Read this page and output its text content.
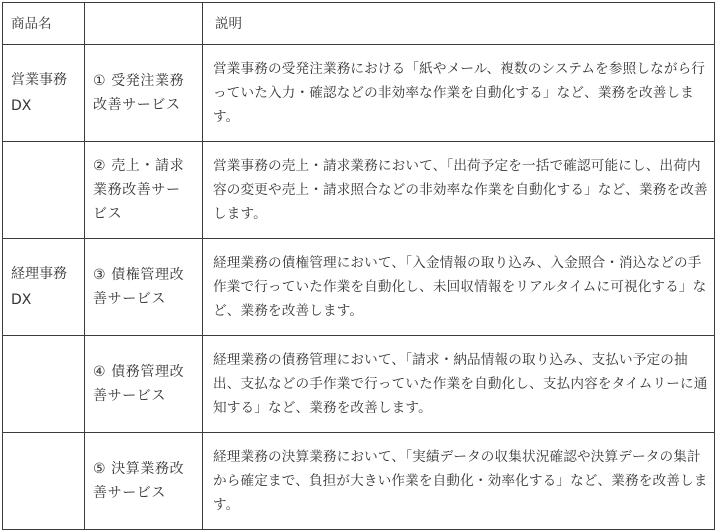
商品名		説明
営業事務DX	① 受発注業務改善サービス	営業事務の受発注業務における「紙やメール、複数のシステムを参照しながら行っていた入力・確認などの非効率な作業を自動化する」など、業務を改善します。
	② 売上・請求業務改善サービス	営業事務の売上・請求業務において、「出荷予定を一括で確認可能にし、出荷内容の変更や売上・請求照合などの非効率な作業を自動化する」など、業務を改善します。
経理事務DX	③ 債権管理改善サービス	経理業務の債権管理において、「入金情報の取り込み、入金照合・消込などの手作業で行っていた作業を自動化し、未回収情報をリアルタイムに可視化する」など、業務を改善します。
	④ 債務管理改善サービス	経理業務の債務管理において、「請求・納品情報の取り込み、支払い予定の抽出、支払などの手作業で行っていた作業を自動化し、支払内容をタイムリーに通知する」など、業務を改善します。
	⑤ 決算業務改善サービス	経理業務の決算業務において、「実績データの収集状況確認や決算データの集計から確定まで、負担が大きい作業を自動化・効率化する」など、業務を改善します。
